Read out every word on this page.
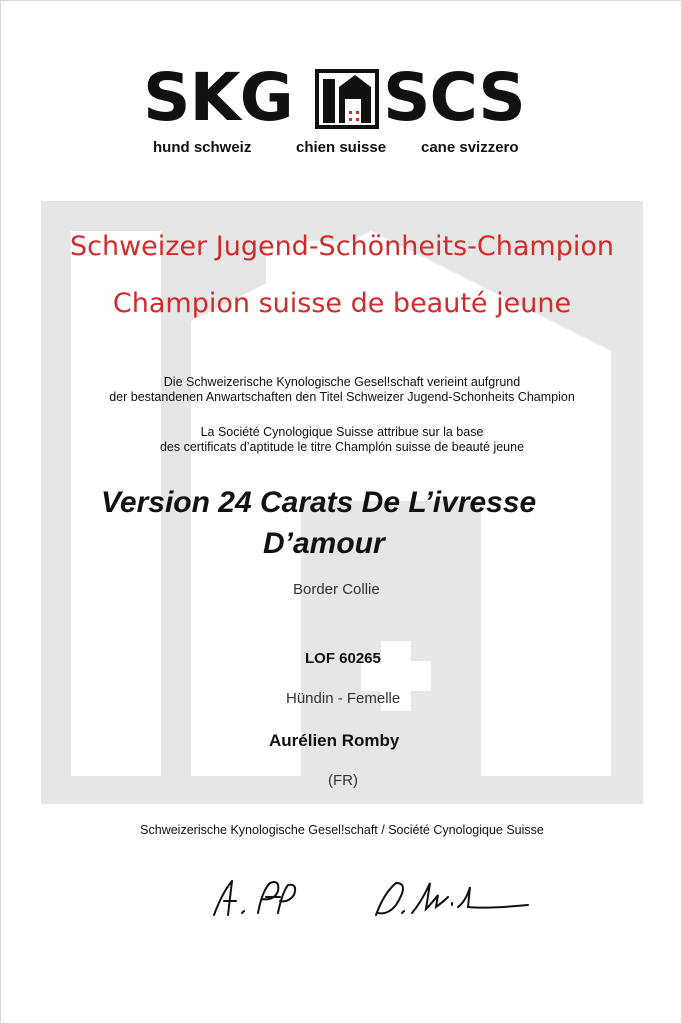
SKG SCS
hund schweiz	chien suisse cane svizzero
Schweizer Jugend-Schönheits-Champion
Champion suisse de beauté jeune
Die Schweizerische Kynologische Gesel!schaft verieint aufgrund
der bestandenen Anwartschaften den Titel Schweizer Jugend-Schonheits Champion
La Société Cynologique Suisse attribue sur la base
des certificats d’aptitude le titre Champlón suisse de beauté jeune
Version 24 Carats De L’ivresse
D’amour
Border Collie
LOF 60265
Hündin - Femelle
Aurélien Romby
(FR)
Schweizerische Kynologische Gesel!schaft / Société Cynologique Suisse
